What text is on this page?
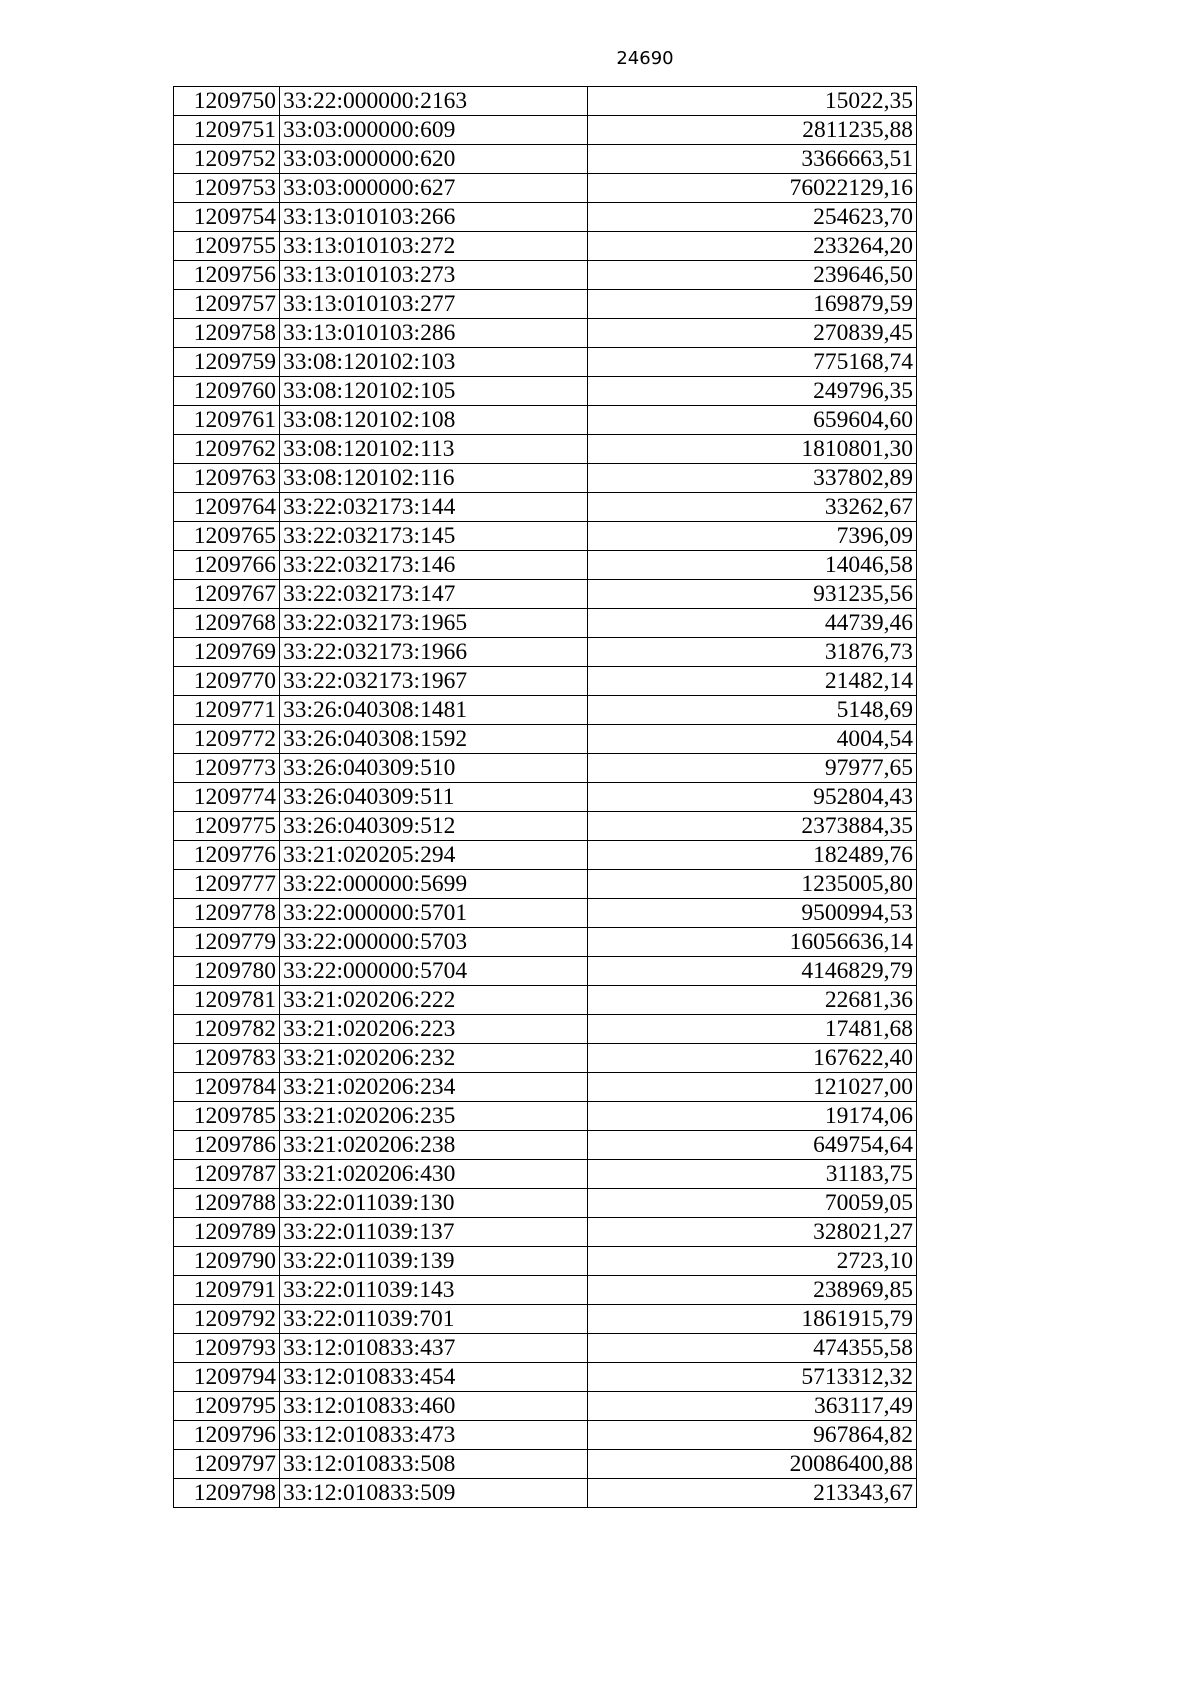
24690
1209750	33:22:000000:2163	15022,35
1209751	33:03:000000:609	2811235,88
1209752	33:03:000000:620	3366663,51
1209753	33:03:000000:627	76022129,16
1209754	33:13:010103:266	254623,70
1209755	33:13:010103:272	233264,20
1209756	33:13:010103:273	239646,50
1209757	33:13:010103:277	169879,59
1209758	33:13:010103:286	270839,45
1209759	33:08:120102:103	775168,74
1209760	33:08:120102:105	249796,35
1209761	33:08:120102:108	659604,60
1209762	33:08:120102:113	1810801,30
1209763	33:08:120102:116	337802,89
1209764	33:22:032173:144	33262,67
1209765	33:22:032173:145	7396,09
1209766	33:22:032173:146	14046,58
1209767	33:22:032173:147	931235,56
1209768	33:22:032173:1965	44739,46
1209769	33:22:032173:1966	31876,73
1209770	33:22:032173:1967	21482,14
1209771	33:26:040308:1481	5148,69
1209772	33:26:040308:1592	4004,54
1209773	33:26:040309:510	97977,65
1209774	33:26:040309:511	952804,43
1209775	33:26:040309:512	2373884,35
1209776	33:21:020205:294	182489,76
1209777	33:22:000000:5699	1235005,80
1209778	33:22:000000:5701	9500994,53
1209779	33:22:000000:5703	16056636,14
1209780	33:22:000000:5704	4146829,79
1209781	33:21:020206:222	22681,36
1209782	33:21:020206:223	17481,68
1209783	33:21:020206:232	167622,40
1209784	33:21:020206:234	121027,00
1209785	33:21:020206:235	19174,06
1209786	33:21:020206:238	649754,64
1209787	33:21:020206:430	31183,75
1209788	33:22:011039:130	70059,05
1209789	33:22:011039:137	328021,27
1209790	33:22:011039:139	2723,10
1209791	33:22:011039:143	238969,85
1209792	33:22:011039:701	1861915,79
1209793	33:12:010833:437	474355,58
1209794	33:12:010833:454	5713312,32
1209795	33:12:010833:460	363117,49
1209796	33:12:010833:473	967864,82
1209797	33:12:010833:508	20086400,88
1209798	33:12:010833:509	213343,67
